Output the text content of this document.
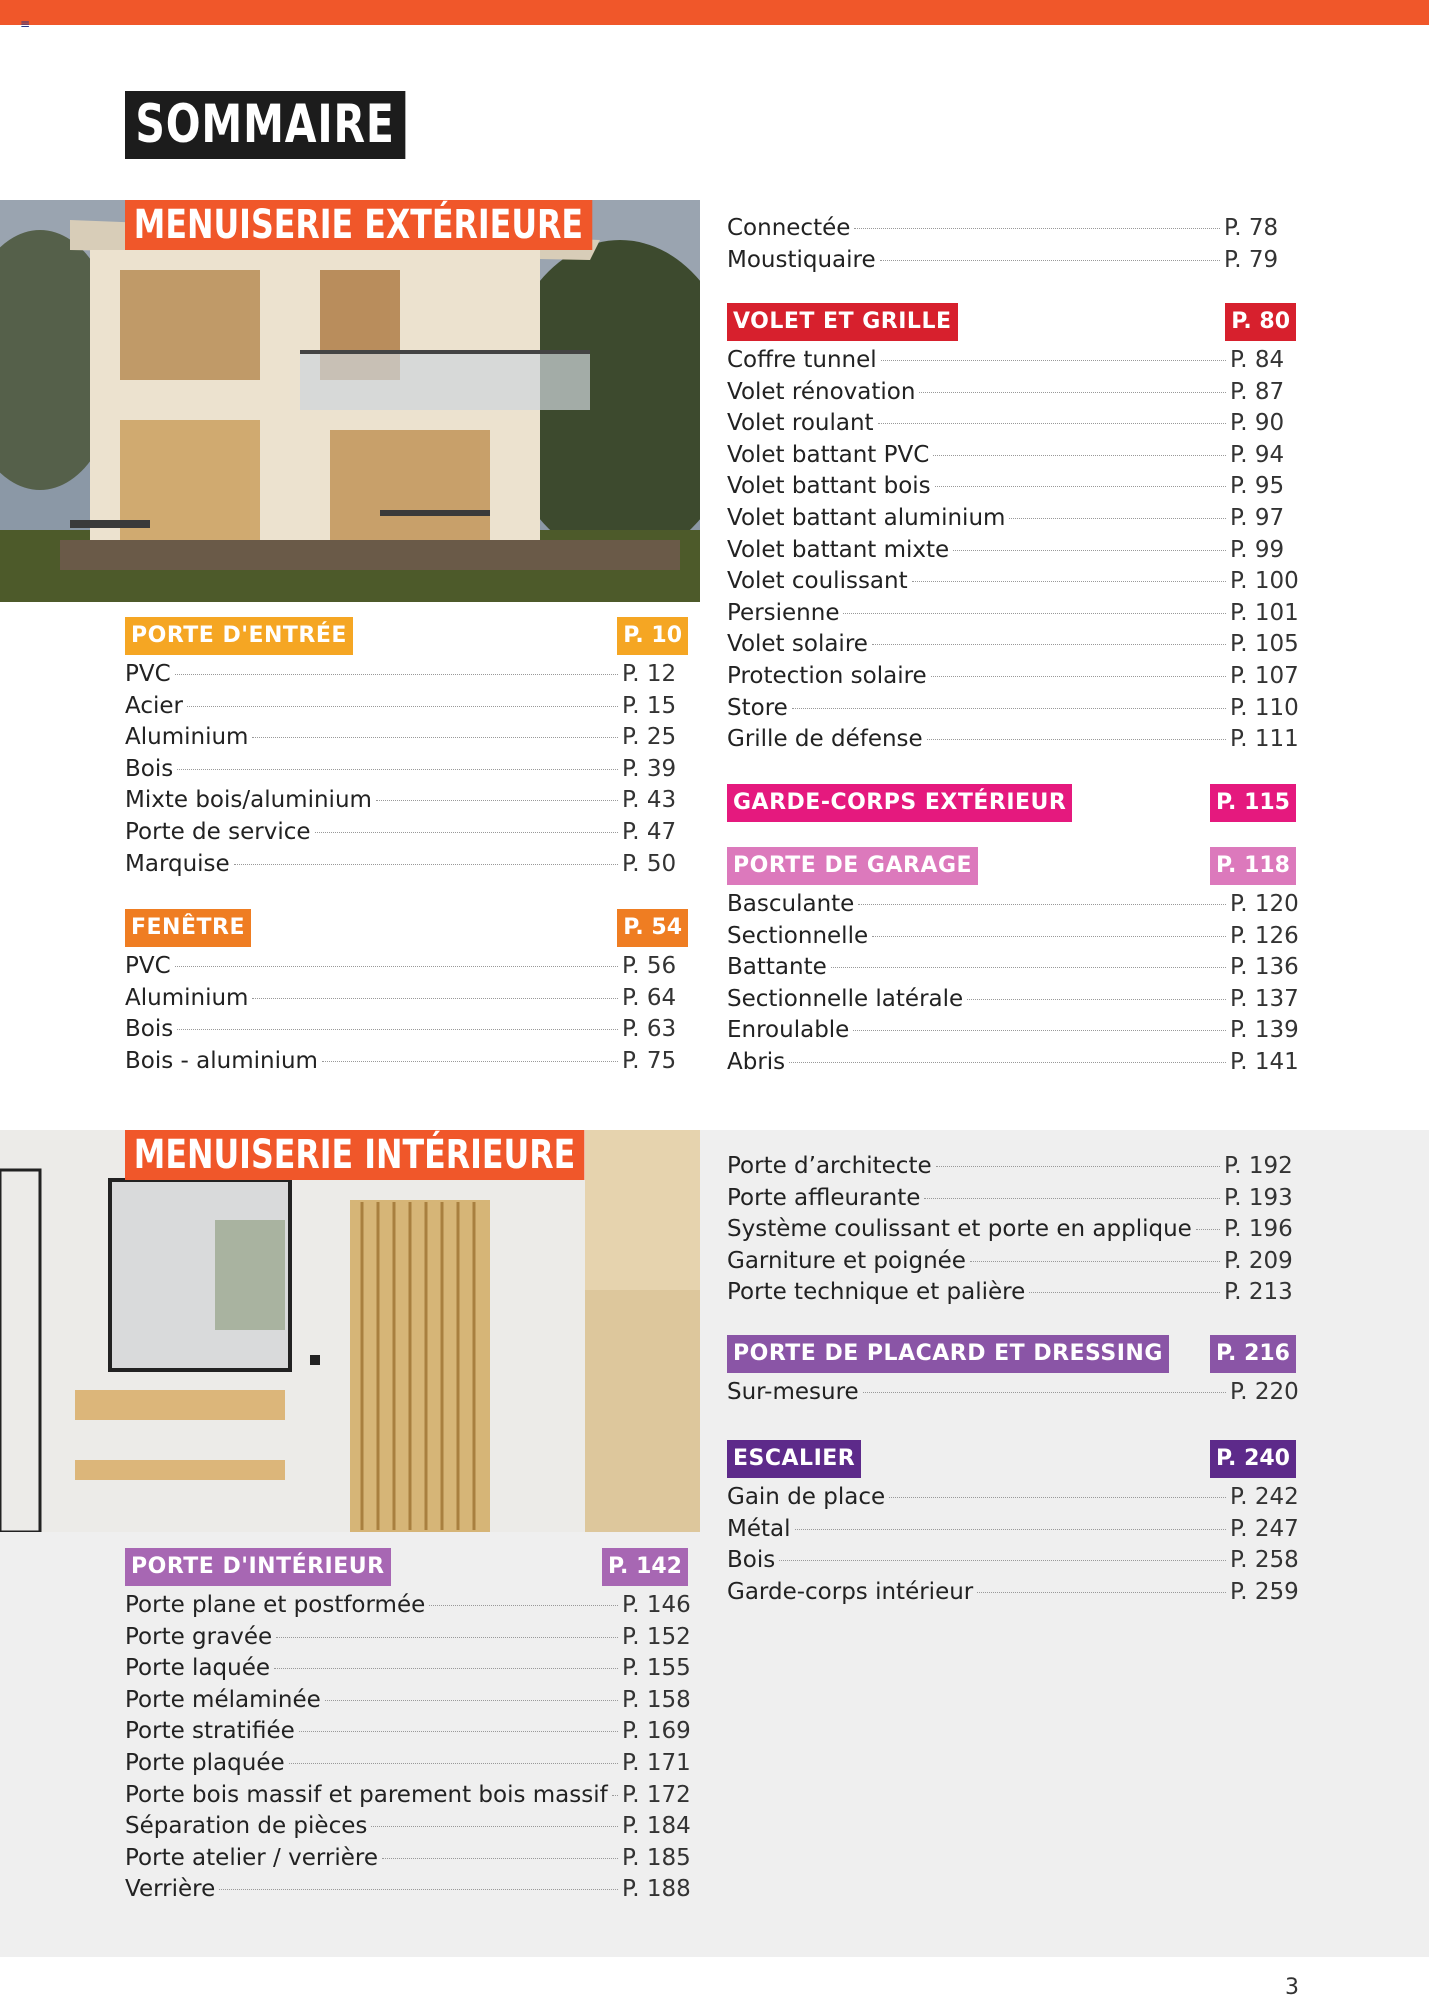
≡
SOMMAIRE
MENUISERIE EXTÉRIEURE
MENUISERIE INTÉRIEURE
PORTE D'ENTRÉE	P. 10
PVC	P. 12
Acier	P. 15
Aluminium	P. 25
Bois	P. 39
Mixte bois/aluminium	P. 43
Porte de service	P. 47
Marquise	P. 50
FENÊTRE	P. 54
PVC	P. 56
Aluminium	P. 64
Bois	P. 63
Bois - aluminium	P. 75
Connectée	P. 78
Moustiquaire	P. 79
VOLET ET GRILLE	P. 80
Coffre tunnel	P. 84
Volet rénovation	P. 87
Volet roulant	P. 90
Volet battant PVC	P. 94
Volet battant bois	P. 95
Volet battant aluminium	P. 97
Volet battant mixte	P. 99
Volet coulissant	P. 100
Persienne	P. 101
Volet solaire	P. 105
Protection solaire	P. 107
Store	P. 110
Grille de défense	P. 111
GARDE-CORPS EXTÉRIEUR	P. 115
PORTE DE GARAGE	P. 118
Basculante	P. 120
Sectionnelle	P. 126
Battante	P. 136
Sectionnelle latérale	P. 137
Enroulable	P. 139
Abris	P. 141
PORTE D'INTÉRIEUR	P. 142
Porte plane et postformée	P. 146
Porte gravée	P. 152
Porte laquée	P. 155
Porte mélaminée	P. 158
Porte stratifiée	P. 169
Porte plaquée	P. 171
Porte bois massif et parement bois massif P. 172
Séparation de pièces	P. 184
Porte atelier / verrière	P. 185
Verrière	P. 188
Porte d’architecte	P. 192
Porte affleurante	P. 193
Système coulissant et porte en applique P. 196
Garniture et poignée	P. 209
Porte technique et palière	P. 213
PORTE DE PLACARD ET DRESSING P. 216
Sur-mesure	P. 220
ESCALIER	P. 240
Gain de place	P. 242
Métal	P. 247
Bois	P. 258
Garde-corps intérieur	P. 259
3
